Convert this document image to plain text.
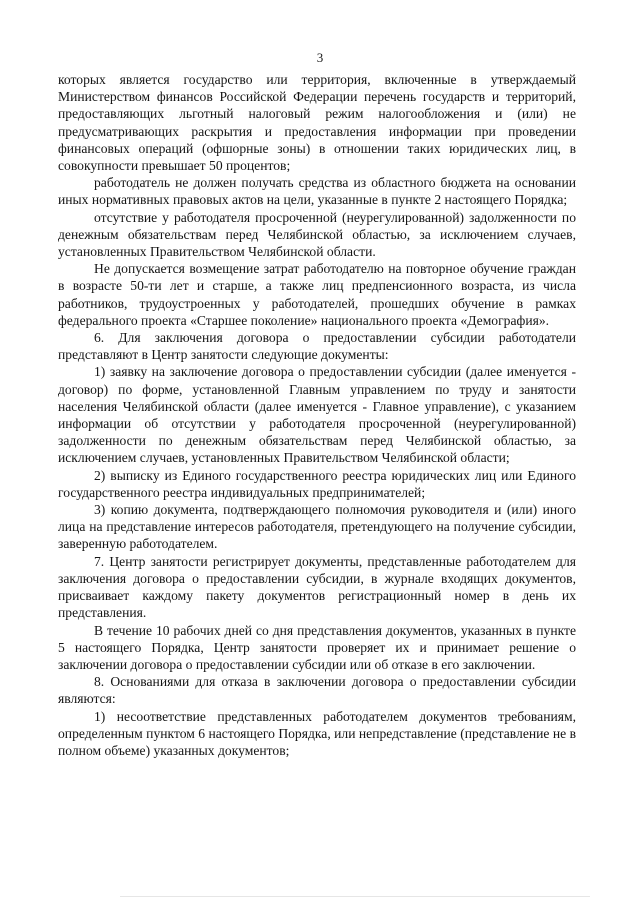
3

которых является государство или территория, включенные в утверждаемый Министерством финансов Российской Федерации перечень государств и территорий, предоставляющих льготный налоговый режим налогообложения и (или) не предусматривающих раскрытия и предоставления информации при проведении финансовых операций (офшорные зоны) в отношении таких юридических лиц, в совокупности превышает 50 процентов;

работодатель не должен получать средства из областного бюджета на основании иных нормативных правовых актов на цели, указанные в пункте 2 настоящего Порядка;

отсутствие у работодателя просроченной (неурегулированной) задолженности по денежным обязательствам перед Челябинской областью, за исключением случаев, установленных Правительством Челябинской области.

Не допускается возмещение затрат работодателю на повторное обучение граждан в возрасте 50-ти лет и старше, а также лиц предпенсионного возраста, из числа работников, трудоустроенных у работодателей, прошедших обучение в рамках федерального проекта «Старшее поколение» национального проекта «Демография».

6. Для заключения договора о предоставлении субсидии работодатели представляют в Центр занятости следующие документы:

1) заявку на заключение договора о предоставлении субсидии (далее именуется - договор) по форме, установленной Главным управлением по труду и занятости населения Челябинской области (далее именуется - Главное управление), с указанием информации об отсутствии у работодателя просроченной (неурегулированной) задолженности по денежным обязательствам перед Челябинской областью, за исключением случаев, установленных Правительством Челябинской области;

2) выписку из Единого государственного реестра юридических лиц или Единого государственного реестра индивидуальных предпринимателей;

3) копию документа, подтверждающего полномочия руководителя и (или) иного лица на представление интересов работодателя, претендующего на получение субсидии, заверенную работодателем.

7. Центр занятости регистрирует документы, представленные работодателем для заключения договора о предоставлении субсидии, в журнале входящих документов, присваивает каждому пакету документов регистрационный номер в день их представления.

В течение 10 рабочих дней со дня представления документов, указанных в пункте 5 настоящего Порядка, Центр занятости проверяет их и принимает решение о заключении договора о предоставлении субсидии или об отказе в его заключении.

8. Основаниями для отказа в заключении договора о предоставлении субсидии являются:

1) несоответствие представленных работодателем документов требованиям, определенным пунктом 6 настоящего Порядка, или непредставление (представление не в полном объеме) указанных документов;
